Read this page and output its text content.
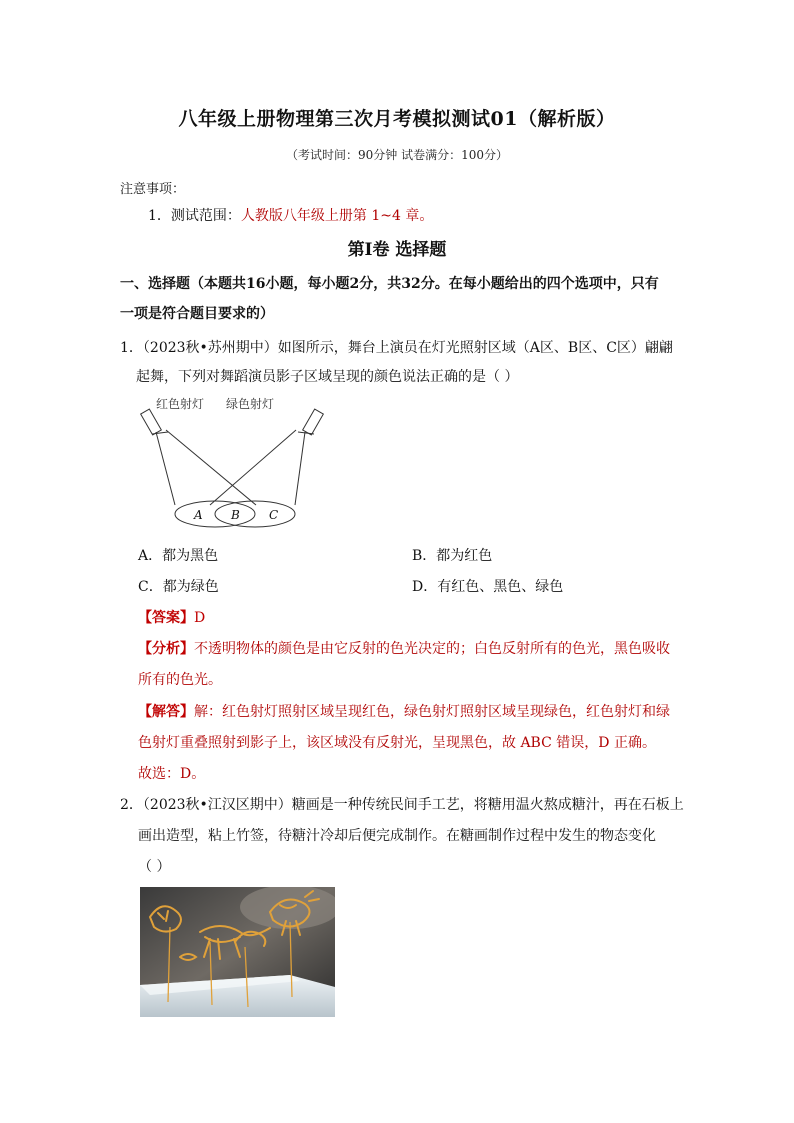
八年级上册物理第三次月考模拟测试01（解析版）
（考试时间：90分钟 试卷满分：100分）
注意事项：
1．测试范围：人教版八年级上册第 1~4 章。
第Ⅰ卷 选择题
一、选择题（本题共16小题，每小题2分，共32分。在每小题给出的四个选项中，只有
一项是符合题目要求的）
1．（2023秋•苏州期中）如图所示，舞台上演员在灯光照射区域（A区、B区、C区）翩翩
起舞，下列对舞蹈演员影子区域呈现的颜色说法正确的是（ ）
红色射灯 绿色射灯
A B C
A．都为黑色	B．都为红色
C．都为绿色	D．有红色、黑色、绿色
【答案】D
【分析】不透明物体的颜色是由它反射的色光决定的；白色反射所有的色光，黑色吸收
所有的色光。
【解答】解：红色射灯照射区域呈现红色，绿色射灯照射区域呈现绿色，红色射灯和绿
色射灯重叠照射到影子上，该区域没有反射光，呈现黑色，故 ABC 错误，D 正确。
故选：D。
2．（2023秋•江汉区期中）糖画是一种传统民间手工艺，将糖用温火熬成糖汁，再在石板上
画出造型，粘上竹签，待糖汁冷却后便完成制作。在糖画制作过程中发生的物态变化
（ ）
